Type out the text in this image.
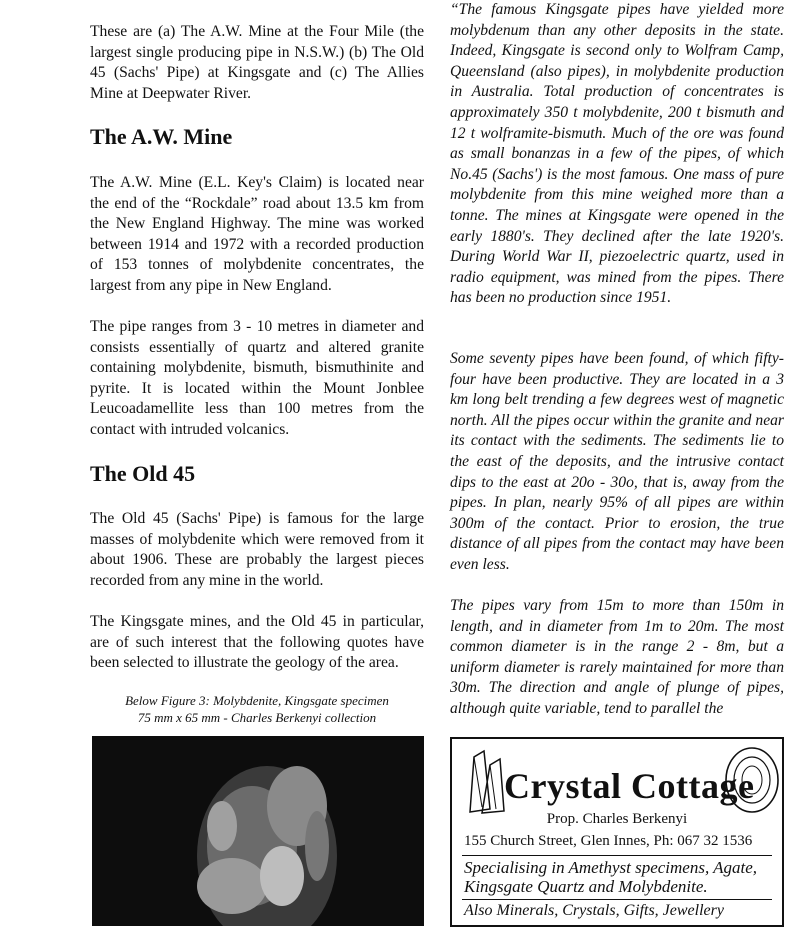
These are (a) The A.W. Mine at the Four Mile (the largest single producing pipe in N.S.W.) (b) The Old 45 (Sachs' Pipe) at Kingsgate and (c) The Allies Mine at Deepwater River.

The A.W. Mine

The A.W. Mine (E.L. Key's Claim) is located near the end of the “Rockdale” road about 13.5 km from the New England Highway. The mine was worked between 1914 and 1972 with a recorded production of 153 tonnes of molybdenite concentrates, the largest from any pipe in New England.

The pipe ranges from 3 - 10 metres in diameter and consists essentially of quartz and altered granite containing molybdenite, bismuth, bismuthinite and pyrite. It is located within the Mount Jonblee Leucoadamellite less than 100 metres from the contact with intruded volcanics.

The Old 45

The Old 45 (Sachs' Pipe) is famous for the large masses of molybdenite which were removed from it about 1906. These are probably the largest pieces recorded from any mine in the world.

The Kingsgate mines, and the Old 45 in particular, are of such interest that the following quotes have been selected to illustrate the geology of the area.

Below Figure 3: Molybdenite, Kingsgate specimen
75 mm x 65 mm - Charles Berkenyi collection

“The famous Kingsgate pipes have yielded more molybdenum than any other deposits in the state. Indeed, Kingsgate is second only to Wolfram Camp, Queensland (also pipes), in molybdenite production in Australia. Total production of concentrates is approximately 350 t molybdenite, 200 t bismuth and 12 t wolframite-bismuth. Much of the ore was found as small bonanzas in a few of the pipes, of which No.45 (Sachs') is the most famous. One mass of pure molybdenite from this mine weighed more than a tonne. The mines at Kingsgate were opened in the early 1880's. They declined after the late 1920's. During World War II, piezoelectric quartz, used in radio equipment, was mined from the pipes. There has been no production since 1951.

Some seventy pipes have been found, of which fifty-four have been productive. They are located in a 3 km long belt trending a few degrees west of magnetic north. All the pipes occur within the granite and near its contact with the sediments. The sediments lie to the east of the deposits, and the intrusive contact dips to the east at 20o - 30o, that is, away from the pipes. In plan, nearly 95% of all pipes are within 300m of the contact. Prior to erosion, the true distance of all pipes from the contact may have been even less.

The pipes vary from 15m to more than 150m in length, and in diameter from 1m to 20m. The most common diameter is in the range 2 - 8m, but a uniform diameter is rarely maintained for more than 30m. The direction and angle of plunge of pipes, although quite variable, tend to parallel the

Crystal Cottage
Prop. Charles Berkenyi
155 Church Street, Glen Innes, Ph: 067 32 1536
Specialising in Amethyst specimens, Agate, Kingsgate Quartz and Molybdenite.
Also Minerals, Crystals, Gifts, Jewellery
